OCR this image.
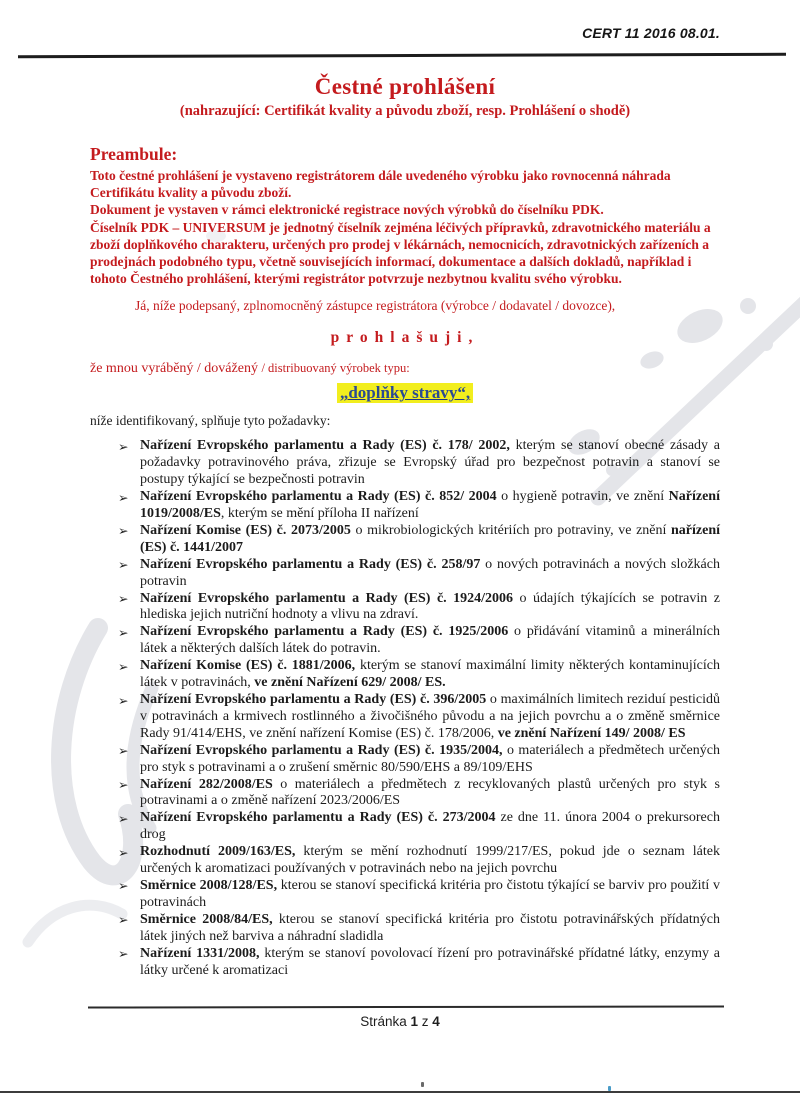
CERT 11 2016 08.01.
Čestné prohlášení
(nahrazující: Certifikát kvality a původu zboží, resp. Prohlášení o shodě)
Preambule:

Toto čestné prohlášení je vystaveno registrátorem dále uvedeného výrobku jako rovnocenná náhrada Certifikátu kvality a původu zboží.

Dokument je vystaven v rámci elektronické registrace nových výrobků do číselníku PDK.

Číselník PDK – UNIVERSUM je jednotný číselník zejména léčivých přípravků, zdravotnického materiálu a zboží doplňkového charakteru, určených pro prodej v lékárnách, nemocnicích, zdravotnických zařízeních a prodejnách podobného typu, včetně souvisejících informací, dokumentace a dalších dokladů, například i tohoto Čestného prohlášení, kterými registrátor potvrzuje nezbytnou kvalitu svého výrobku.

Já, níže podepsaný, zplnomocněný zástupce registrátora (výrobce / dodavatel / dovozce),

prohlašuji,

že mnou vyráběný / dovážený / distribuovaný výrobek typu:

„doplňky stravy“,

níže identifikovaný, splňuje tyto požadavky:

➢ Nařízení Evropského parlamentu a Rady (ES) č. 178/ 2002, kterým se stanoví obecné zásady a požadavky potravinového práva, zřizuje se Evropský úřad pro bezpečnost potravin a stanoví se postupy týkající se bezpečnosti potravin
➢ Nařízení Evropského parlamentu a Rady (ES) č. 852/ 2004 o hygieně potravin, ve znění Nařízení 1019/2008/ES, kterým se mění příloha II nařízení
➢ Nařízení Komise (ES) č. 2073/2005 o mikrobiologických kritériích pro potraviny, ve znění nařízení (ES) č. 1441/2007
➢ Nařízení Evropského parlamentu a Rady (ES) č. 258/97 o nových potravinách a nových složkách potravin
➢ Nařízení Evropského parlamentu a Rady (ES) č. 1924/2006 o údajích týkajících se potravin z hlediska jejich nutriční hodnoty a vlivu na zdraví.
➢ Nařízení Evropského parlamentu a Rady (ES) č. 1925/2006 o přidávání vitaminů a minerálních látek a některých dalších látek do potravin.
➢ Nařízení Komise (ES) č. 1881/2006, kterým se stanoví maximální limity některých kontaminujících látek v potravinách, ve znění Nařízení 629/ 2008/ ES.
➢ Nařízení Evropského parlamentu a Rady (ES) č. 396/2005 o maximálních limitech reziduí pesticidů v potravinách a krmivech rostlinného a živočišného původu a na jejich povrchu a o změně směrnice Rady 91/414/EHS, ve znění nařízení Komise (ES) č. 178/2006, ve znění Nařízení 149/ 2008/ ES
➢ Nařízení Evropského parlamentu a Rady (ES) č. 1935/2004, o materiálech a předmětech určených pro styk s potravinami a o zrušení směrnic 80/590/EHS a 89/109/EHS
➢ Nařízení 282/2008/ES o materiálech a předmětech z recyklovaných plastů určených pro styk s potravinami a o změně nařízení 2023/2006/ES
➢ Nařízení Evropského parlamentu a Rady (ES) č. 273/2004 ze dne 11. února 2004 o prekursorech drog
➢ Rozhodnutí 2009/163/ES, kterým se mění rozhodnutí 1999/217/ES, pokud jde o seznam látek určených k aromatizaci používaných v potravinách nebo na jejich povrchu
➢ Směrnice 2008/128/ES, kterou se stanoví specifická kritéria pro čistotu týkající se barviv pro použití v potravinách
➢ Směrnice 2008/84/ES, kterou se stanoví specifická kritéria pro čistotu potravinářských přídatných látek jiných než barviva a náhradní sladidla
➢ Nařízení 1331/2008, kterým se stanoví povolovací řízení pro potravinářské přídatné látky, enzymy a látky určené k aromatizaci
Stránka 1 z 4
